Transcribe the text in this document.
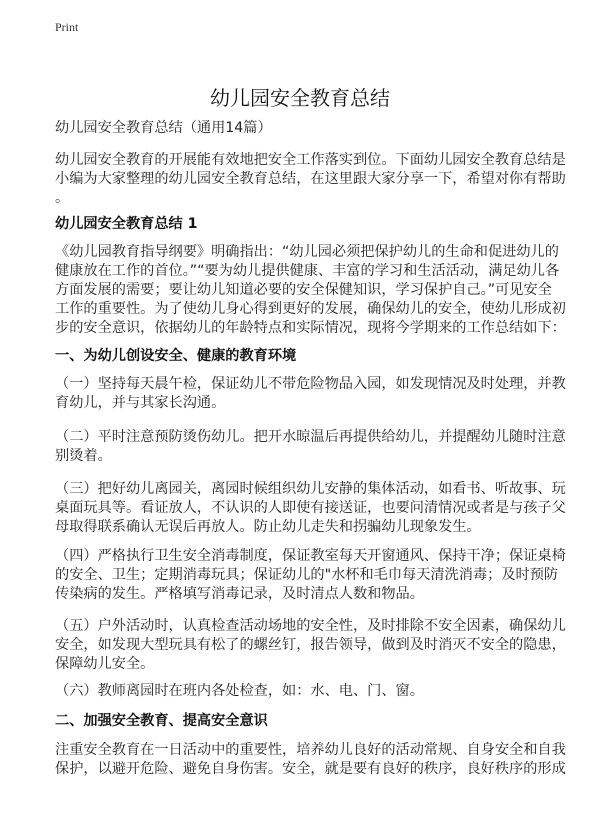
Print
幼儿园安全教育总结
幼儿园安全教育总结（通用14篇）
幼儿园安全教育的开展能有效地把安全工作落实到位。下面幼儿园安全教育总结是
小编为大家整理的幼儿园安全教育总结，在这里跟大家分享一下，希望对你有帮助
。
幼儿园安全教育总结 1
《幼儿园教育指导纲要》明确指出：“幼儿园必须把保护幼儿的生命和促进幼儿的
健康放在工作的首位。”“要为幼儿提供健康、丰富的学习和生活活动，满足幼儿各
方面发展的需要；要让幼儿知道必要的安全保健知识，学习保护自己。”可见安全
工作的重要性。为了使幼儿身心得到更好的发展，确保幼儿的安全，使幼儿形成初
步的安全意识，依据幼儿的年龄特点和实际情况，现将今学期来的工作总结如下：
一、为幼儿创设安全、健康的教育环境
（一）坚持每天晨午检，保证幼儿不带危险物品入园，如发现情况及时处理，并教
育幼儿，并与其家长沟通。
（二）平时注意预防烫伤幼儿。把开水晾温后再提供给幼儿，并提醒幼儿随时注意
别烫着。
（三）把好幼儿离园关，离园时候组织幼儿安静的集体活动，如看书、听故事、玩
桌面玩具等。看证放人，不认识的人即使有接送证，也要问清情况或者是与孩子父
母取得联系确认无误后再放人。防止幼儿走失和拐骗幼儿现象发生。
（四）严格执行卫生安全消毒制度，保证教室每天开窗通风、保持干净；保证桌椅
的安全、卫生；定期消毒玩具；保证幼儿的"水杯和毛巾每天清洗消毒；及时预防
传染病的发生。严格填写消毒记录，及时清点人数和物品。
（五）户外活动时，认真检查活动场地的安全性，及时排除不安全因素，确保幼儿
安全，如发现大型玩具有松了的螺丝钉，报告领导，做到及时消灭不安全的隐患，
保障幼儿安全。
（六）教师离园时在班内各处检查，如：水、电、门、窗。
二、加强安全教育、提高安全意识
注重安全教育在一日活动中的重要性，培养幼儿良好的活动常规、自身安全和自我
保护，以避开危险、避免自身伤害。安全，就是要有良好的秩序，良好秩序的形成
